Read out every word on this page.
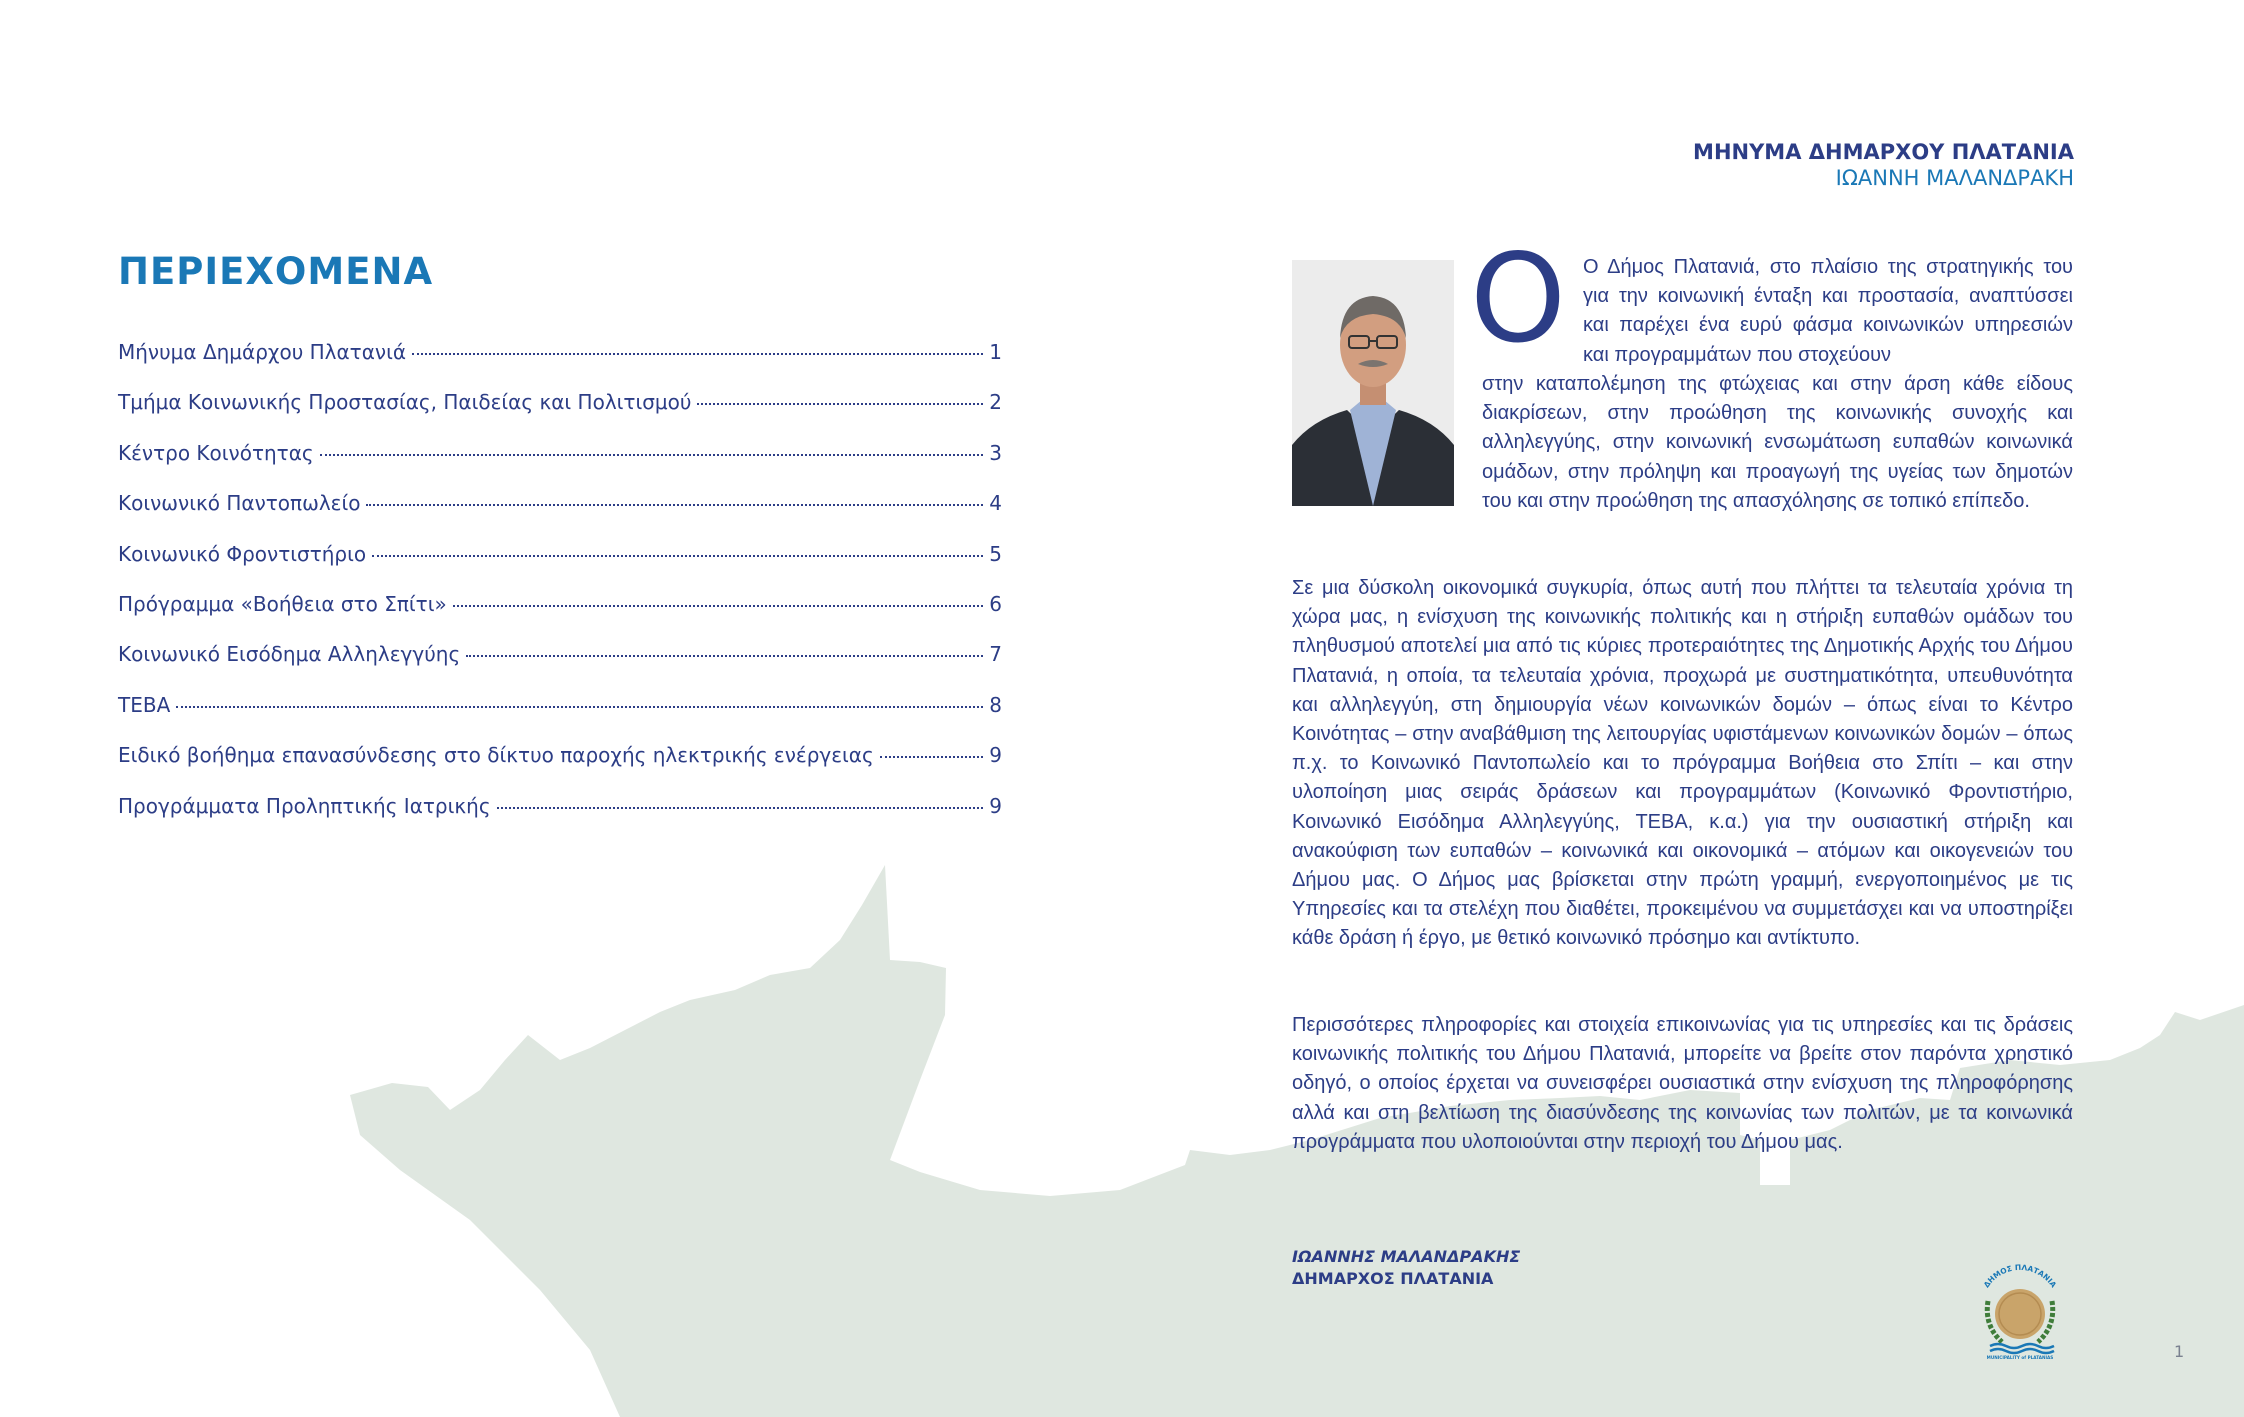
ΠΕΡΙΕΧΟΜΕΝΑ
Μήνυμα Δημάρχου Πλατανιά	1
Τμήμα Κοινωνικής Προστασίας, Παιδείας και Πολιτισμού	2
Κέντρο Κοινότητας	3
Κοινωνικό Παντοπωλείο	4
Κοινωνικό Φροντιστήριο	5
Πρόγραμμα «Βοήθεια στο Σπίτι»	6
Κοινωνικό Εισόδημα Αλληλεγγύης	7
ΤΕΒΑ	8
Ειδικό βοήθημα επανασύνδεσης στο δίκτυο παροχής ηλεκτρικής ενέργειας	9
Προγράμματα Προληπτικής Ιατρικής	9
ΜΗΝΥΜΑ ΔΗΜΑΡΧΟΥ ΠΛΑΤΑΝΙΑ
ΙΩΑΝΝΗ ΜΑΛΑΝΔΡΑΚΗ
O Ο Δήμος Πλατανιά, στο πλαίσιο της στρατηγικής του για την κοινωνική ένταξη και προστασία, αναπτύσσει και παρέχει ένα ευρύ φάσμα κοινωνικών υπηρεσιών και προγραμμάτων που στοχεύουν
στην καταπολέμηση της φτώχειας και στην άρση κάθε είδους διακρίσεων, στην προώθηση της κοινωνικής συνοχής και αλληλεγγύης, στην κοινωνική ενσωμάτωση ευπαθών κοινωνικά ομάδων, στην πρόληψη και προαγωγή της υγείας των δημοτών του και στην προώθηση της απασχόλησης σε τοπικό επίπεδο.
Σε μια δύσκολη οικονομικά συγκυρία, όπως αυτή που πλήττει τα τελευταία χρόνια τη χώρα μας, η ενίσχυση της κοινωνικής πολιτικής και η στήριξη ευπαθών ομάδων του πληθυσμού αποτελεί μια από τις κύριες προτεραιότητες της Δημοτικής Αρχής του Δήμου Πλατανιά, η οποία, τα τελευταία χρόνια, προχωρά με συστηματικότητα, υπευθυνότητα και αλληλεγγύη, στη δημιουργία νέων κοινωνικών δομών – όπως είναι το Κέντρο Κοινότητας – στην αναβάθμιση της λειτουργίας υφιστάμενων κοινωνικών δομών – όπως π.χ. το Κοινωνικό Παντοπωλείο και το πρόγραμμα Βοήθεια στο Σπίτι – και στην υλοποίηση μιας σειράς δράσεων και προγραμμάτων (Κοινωνικό Φροντιστήριο, Κοινωνικό Εισόδημα Αλληλεγγύης, ΤΕΒΑ, κ.α.) για την ουσιαστική στήριξη και ανακούφιση των ευπαθών – κοινωνικά και οικονομικά – ατόμων και οικογενειών του Δήμου μας. Ο Δήμος μας βρίσκεται στην πρώτη γραμμή, ενεργοποιημένος με τις Υπηρεσίες και τα στελέχη που διαθέτει, προκειμένου να συμμετάσχει και να υποστηρίξει κάθε δράση ή έργο, με θετικό κοινωνικό πρόσημο και αντίκτυπο.
Περισσότερες πληροφορίες και στοιχεία επικοινωνίας για τις υπηρεσίες και τις δράσεις κοινωνικής πολιτικής του Δήμου Πλατανιά, μπορείτε να βρείτε στον παρόντα χρηστικό οδηγό, ο οποίος έρχεται να συνεισφέρει ουσιαστικά στην ενίσχυση της πληροφόρησης αλλά και στη βελτίωση της διασύνδεσης της κοινωνίας των πολιτών, με τα κοινωνικά προγράμματα που υλοποιούνται στην περιοχή του Δήμου μας.
ΙΩΑΝΝΗΣ ΜΑΛΑΝΔΡΑΚΗΣ
ΔΗΜΑΡΧΟΣ ΠΛΑΤΑΝΙΑ	ΔΗΜΟΣ ΠΛΑΤΑΝΙΑ
MUNICIPALITY of PLATANIAS	1
